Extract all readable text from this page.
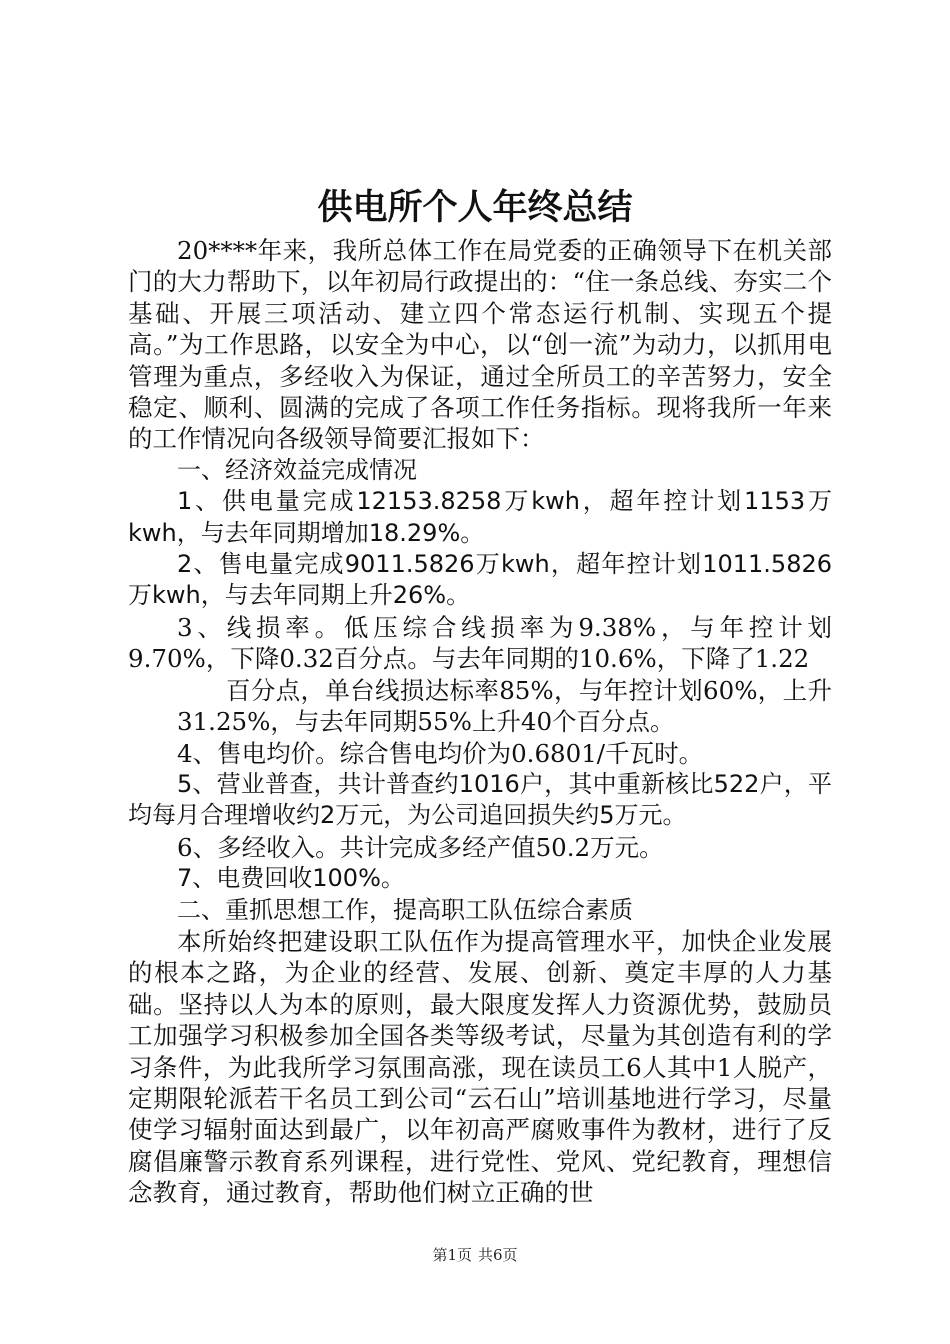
供电所个人年终总结

20****年来，我所总体工作在局党委的正确领导下在机关部门的大力帮助下，以年初局行政提出的：“住一条总线、夯实二个基础、开展三项活动、建立四个常态运行机制、实现五个提高。”为工作思路，以安全为中心，以“创一流”为动力，以抓用电管理为重点，多经收入为保证，通过全所员工的辛苦努力，安全稳定、顺利、圆满的完成了各项工作任务指标。现将我所一年来的工作情况向各级领导简要汇报如下：

一、经济效益完成情况

1、供电量完成12153.8258万kwh，超年控计划1153万kwh，与去年同期增加18.29%。

2、售电量完成9011.5826万kwh，超年控计划1011.5826万kwh，与去年同期上升26%。

3、线损率。低压综合线损率为9.38%，与年控计划9.70%，下降0.32百分点。与去年同期的10.6%，下降了1.22
百分点，单台线损达标率85%，与年控计划60%，上升31.25%，与去年同期55%上升40个百分点。

4、售电均价。综合售电均价为0.6801/千瓦时。

5、营业普查，共计普查约1016户，其中重新核比522户，平均每月合理增收约2万元，为公司追回损失约5万元。

6、多经收入。共计完成多经产值50.2万元。

7、电费回收100%。

二、重抓思想工作，提高职工队伍综合素质

本所始终把建设职工队伍作为提高管理水平，加快企业发展的根本之路，为企业的经营、发展、创新、奠定丰厚的人力基础。坚持以人为本的原则，最大限度发挥人力资源优势，鼓励员工加强学习积极参加全国各类等级考试，尽量为其创造有利的学习条件，为此我所学习氛围高涨，现在读员工6人其中1人脱产，定期限轮派若干名员工到公司“云石山”培训基地进行学习，尽量使学习辐射面达到最广，以年初高严腐败事件为教材，进行了反腐倡廉警示教育系列课程，进行党性、党风、党纪教育，理想信念教育，通过教育，帮助他们树立正确的世

第1页 共6页
